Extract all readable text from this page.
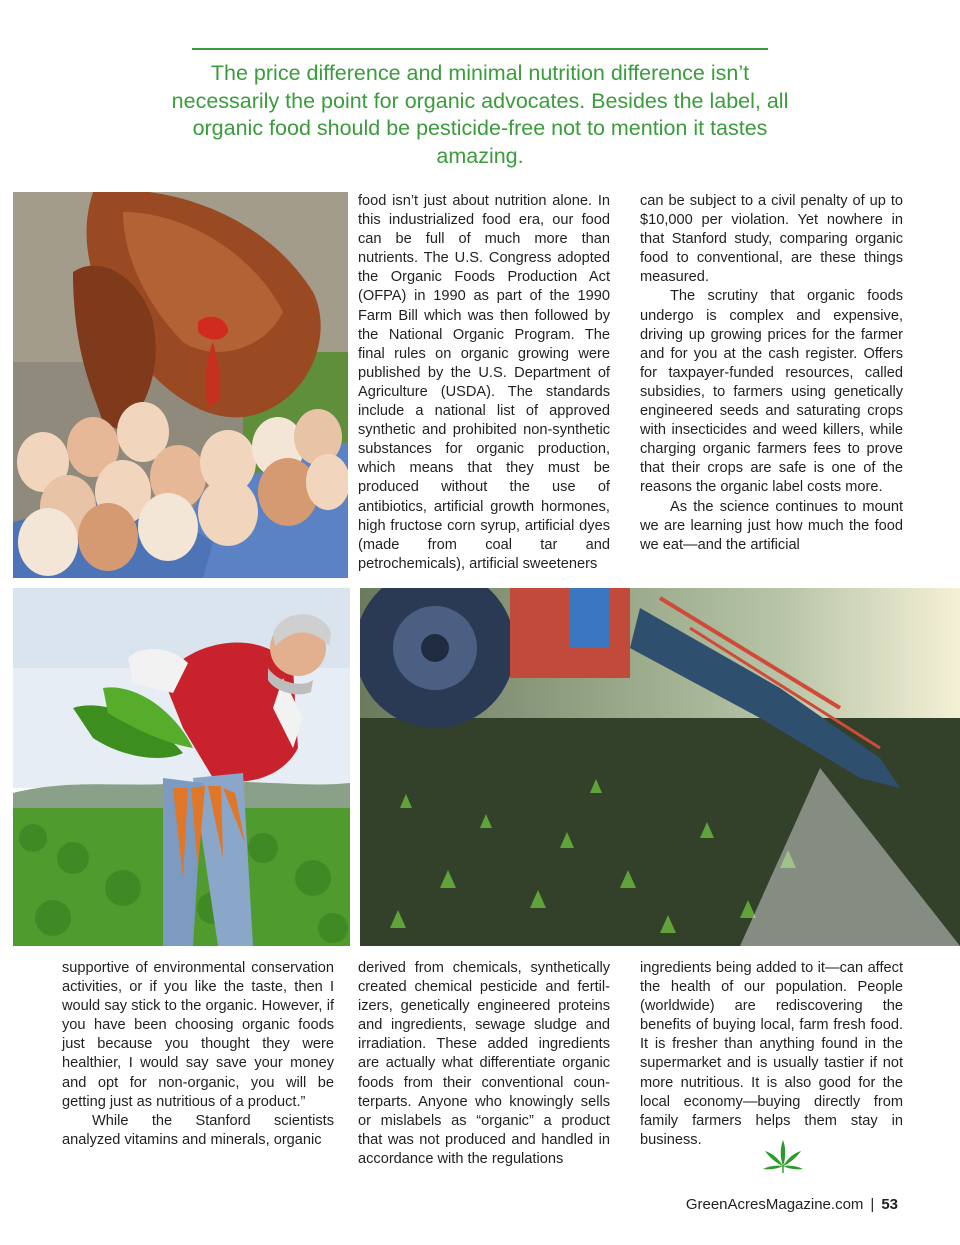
The price difference and minimal nutrition difference isn’t necessarily the point for organic advocates. Besides the label, all organic food should be pesticide-free not to mention it tastes amazing.

food isn’t just about nutrition alone. In this industrialized food era, our food can be full of much more than nutrients. The U.S. Congress adopted the Organic Foods Production Act (OFPA) in 1990 as part of the 1990 Farm Bill which was then followed by the National Organic Program. The final rules on organic growing were published by the U.S. Department of Agriculture (USDA). The standards include a national list of approved synthetic and prohibited non-synthetic substances for organic production, which means that they must be produced without the use of antibiotics, artificial growth hormones, high fructose corn syrup, artificial dyes (made from coal tar and petrochemicals), artificial sweeteners

can be subject to a civil penalty of up to $10,000 per violation. Yet nowhere in that Stanford study, comparing organic food to conventional, are these things measured.

The scrutiny that organic foods undergo is complex and expensive, driving up growing prices for the farmer and for you at the cash register. Offers for taxpayer-funded resources, called subsidies, to farmers using genetically engineered seeds and saturating crops with insecticides and weed killers, while charging organic farmers fees to prove that their crops are safe is one of the reasons the organic label costs more.

As the science continues to mount we are learning just how much the food we eat—and the artificial

supportive of environmental conservation activities, or if you like the taste, then I would say stick to the organic. However, if you have been choosing organic foods just because you thought they were healthier, I would say save your money and opt for non-organic, you will be getting just as nutritious of a product.”

While the Stanford scientists analyzed vitamins and minerals, organic

derived from chemicals, synthetically created chemical pesticide and fertilizers, genetically engineered proteins and ingredients, sewage sludge and irradiation. These added ingredients are actually what differentiate organic foods from their conventional counterparts. Anyone who knowingly sells or mislabels as “organic” a product that was not produced and handled in accordance with the regulations

ingredients being added to it—can affect the health of our population. People (worldwide) are rediscovering the benefits of buying local, farm fresh food. It is fresher than anything found in the supermarket and is usually tastier if not more nutritious. It is also good for the local economy—buying directly from family farmers helps them stay in business.

GreenAcresMagazine.com | 53
